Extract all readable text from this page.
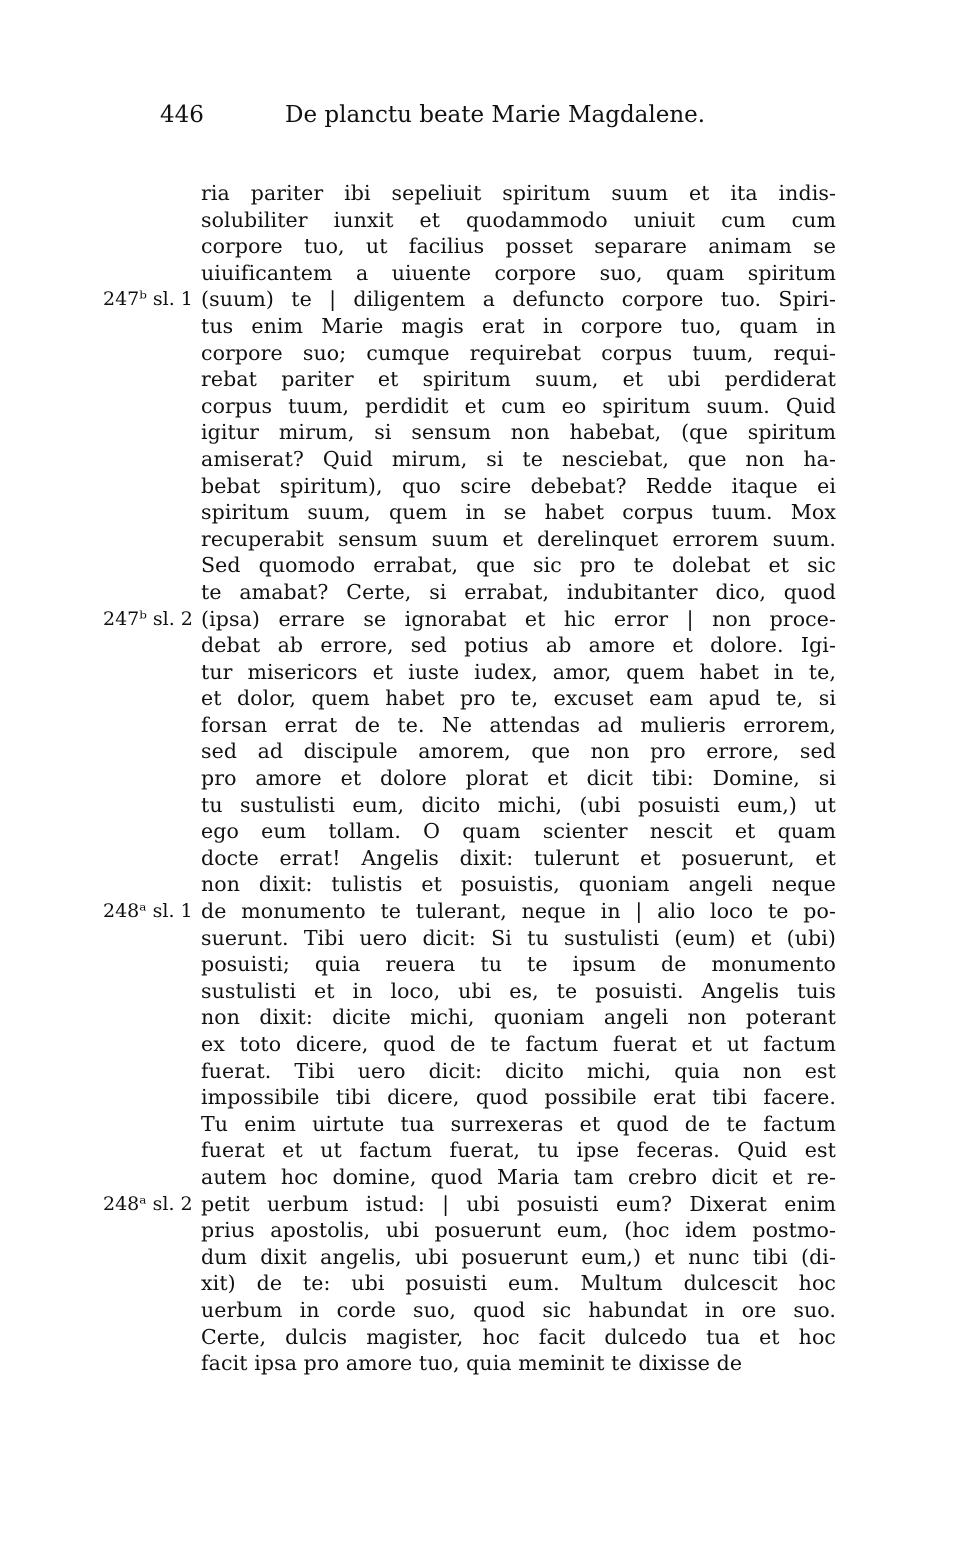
446	De planctu beate Marie Magdalene.
ria pariter ibi sepeliuit spiritum suum et ita indis-
solubiliter iunxit et quodammodo uniuit cum cum
corpore tuo, ut facilius posset separare animam se
uiuificantem a uiuente corpore suo, quam spiritum
(suum) te | diligentem a defuncto corpore tuo. Spiri-
247ᵇ sl. 1
tus enim Marie magis erat in corpore tuo, quam in
corpore suo; cumque requirebat corpus tuum, requi-
rebat pariter et spiritum suum, et ubi perdiderat
corpus tuum, perdidit et cum eo spiritum suum. Quid
igitur mirum, si sensum non habebat, (que spiritum
amiserat? Quid mirum, si te nesciebat, que non ha-
bebat spiritum), quo scire debebat? Redde itaque ei
spiritum suum, quem in se habet corpus tuum. Mox
recuperabit sensum suum et derelinquet errorem suum.
Sed quomodo errabat, que sic pro te dolebat et sic
te amabat? Certe, si errabat, indubitanter dico, quod
(ipsa) errare se ignorabat et hic error | non proce-
247ᵇ sl. 2
debat ab errore, sed potius ab amore et dolore. Igi-
tur misericors et iuste iudex, amor, quem habet in te,
et dolor, quem habet pro te, excuset eam apud te, si
forsan errat de te. Ne attendas ad mulieris errorem,
sed ad discipule amorem, que non pro errore, sed
pro amore et dolore plorat et dicit tibi: Domine, si
tu sustulisti eum, dicito michi, (ubi posuisti eum,) ut
ego eum tollam. O quam scienter nescit et quam
docte errat! Angelis dixit: tulerunt et posuerunt, et
non dixit: tulistis et posuistis, quoniam angeli neque
de monumento te tulerant, neque in | alio loco te po-
248ᵃ sl. 1
suerunt. Tibi uero dicit: Si tu sustulisti (eum) et (ubi)
posuisti; quia reuera tu te ipsum de monumento
sustulisti et in loco, ubi es, te posuisti. Angelis tuis
non dixit: dicite michi, quoniam angeli non poterant
ex toto dicere, quod de te factum fuerat et ut factum
fuerat. Tibi uero dicit: dicito michi, quia non est
impossibile tibi dicere, quod possibile erat tibi facere.
Tu enim uirtute tua surrexeras et quod de te factum
fuerat et ut factum fuerat, tu ipse feceras. Quid est
autem hoc domine, quod Maria tam crebro dicit et re-
petit uerbum istud: | ubi posuisti eum? Dixerat enim
248ᵃ sl. 2
prius apostolis, ubi posuerunt eum, (hoc idem postmo-
dum dixit angelis, ubi posuerunt eum,) et nunc tibi (di-
xit) de te: ubi posuisti eum. Multum dulcescit hoc
uerbum in corde suo, quod sic habundat in ore suo.
Certe, dulcis magister, hoc facit dulcedo tua et hoc
facit ipsa pro amore tuo, quia meminit te dixisse de
